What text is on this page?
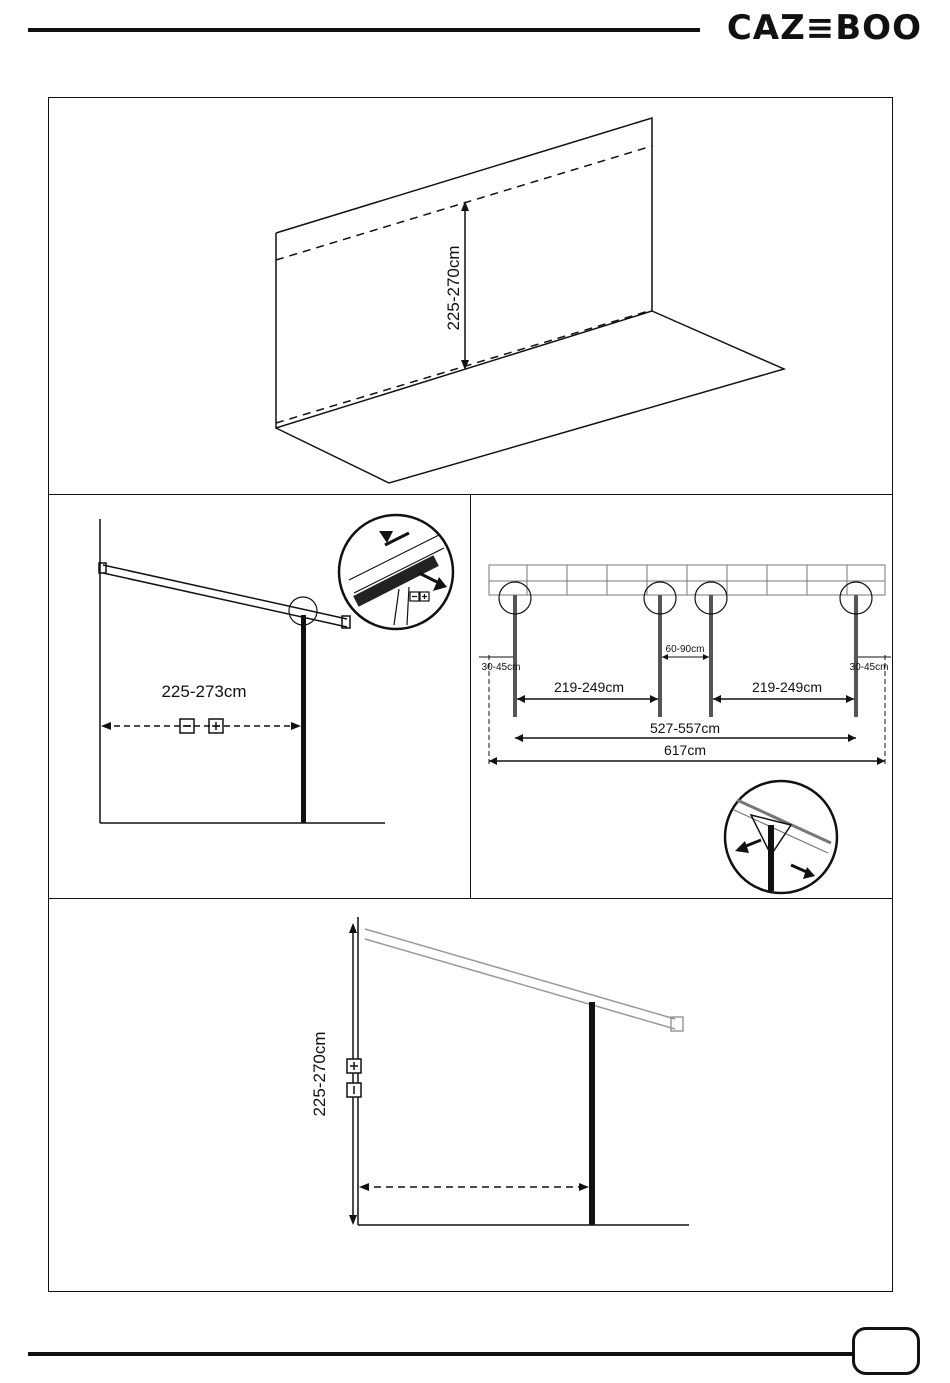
CAZ≡BOO
225-270cm
225-273cm
30-45cm	30-45cm
60-90cm
219-249cm	219-249cm
527-557cm
617cm
225-270cm
